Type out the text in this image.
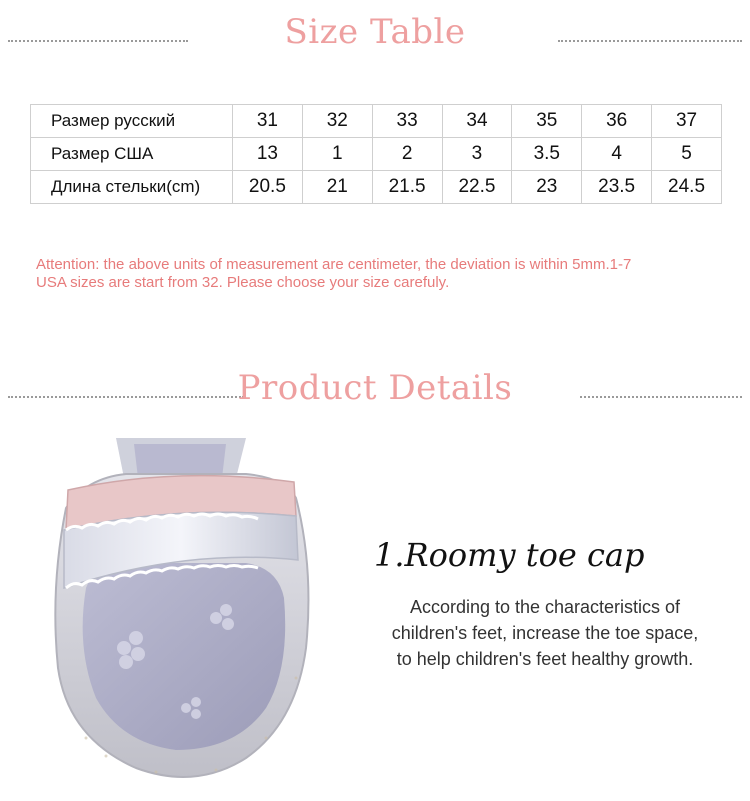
Size Table
Размер русский	31	32	33	34	35	36	37
Размер США	13	1	2	3	3.5	4	5
Длина стельки(cm)	20.5	21	21.5	22.5	23	23.5	24.5
Attention: the above units of measurement are centimeter, the deviation is within 5mm.1-7
USA sizes are start from 32. Please choose your size carefuly.
Product Details
1.Roomy toe cap
According to the characteristics of
children's feet, increase the toe space,
to help children's feet healthy growth.
